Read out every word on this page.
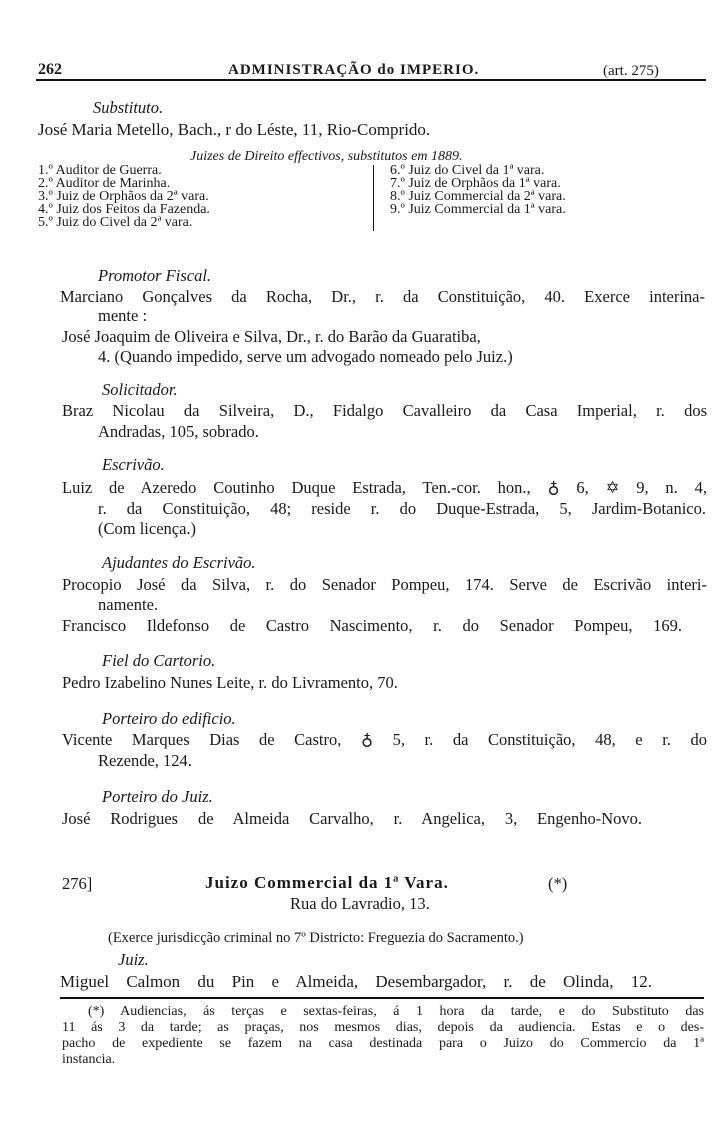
262	ADMINISTRAÇÃO do IMPERIO.	(art. 275)
Substituto.
José Maria Metello, Bach., r do Léste, 11, Rio-Comprido.
Juizes de Direito effectivos, substitutos em 1889.
1.º Auditor de Guerra.
2.º Auditor de Marinha.
3.º Juiz de Orphãos da 2ª vara.
4.º Juiz dos Feitos da Fazenda.
5.º Juiz do Civel da 2ª vara.
6.º Juiz do Civel da 1ª vara.
7.º Juiz de Orphãos da 1ª vara.
8.º Juiz Commercial da 2ª vara.
9.º Juiz Commercial da 1ª vara.
Promotor Fiscal.
Marciano Gonçalves da Rocha, Dr., r. da Constituição, 40. Exerce interina-
mente :
José Joaquim de Oliveira e Silva, Dr., r. do Barão da Guaratiba,
4. (Quando impedido, serve um advogado nomeado pelo Juiz.)
Solicitador.
Braz Nicolau da Silveira, D., Fidalgo Cavalleiro da Casa Imperial, r. dos
Andradas, 105, sobrado.
Escrivão.
Luiz de Azeredo Coutinho Duque Estrada, Ten.-cor. hon., ♁ 6, ✡ 9, n. 4,
r. da Constituição, 48; reside r. do Duque-Estrada, 5, Jardim-Botanico.
(Com licença.)
Ajudantes do Escrivão.
Procopio José da Silva, r. do Senador Pompeu, 174. Serve de Escrivão interi-
namente.
Francisco Ildefonso de Castro Nascimento, r. do Senador Pompeu, 169.
Fiel do Cartorio.
Pedro Izabelino Nunes Leite, r. do Livramento, 70.
Porteiro do edificio.
Vicente Marques Dias de Castro, ♁ 5, r. da Constituição, 48, e r. do
Rezende, 124.
Porteiro do Juiz.
José Rodrigues de Almeida Carvalho, r. Angelica, 3, Engenho-Novo.
276]	Juizo Commercial da 1ª Vara.	(*)
Rua do Lavradio, 13.
(Exerce jurisdicção criminal no 7º Districto: Freguezia do Sacramento.)
Juiz.
Miguel Calmon du Pin e Almeida, Desembargador, r. de Olinda, 12.
(*) Audiencias, ás terças e sextas-feiras, á 1 hora da tarde, e do Substituto das
11 ás 3 da tarde; as praças, nos mesmos dias, depois da audiencia. Estas e o des-
pacho de expediente se fazem na casa destinada para o Juizo do Commercio da 1ª
instancia.
